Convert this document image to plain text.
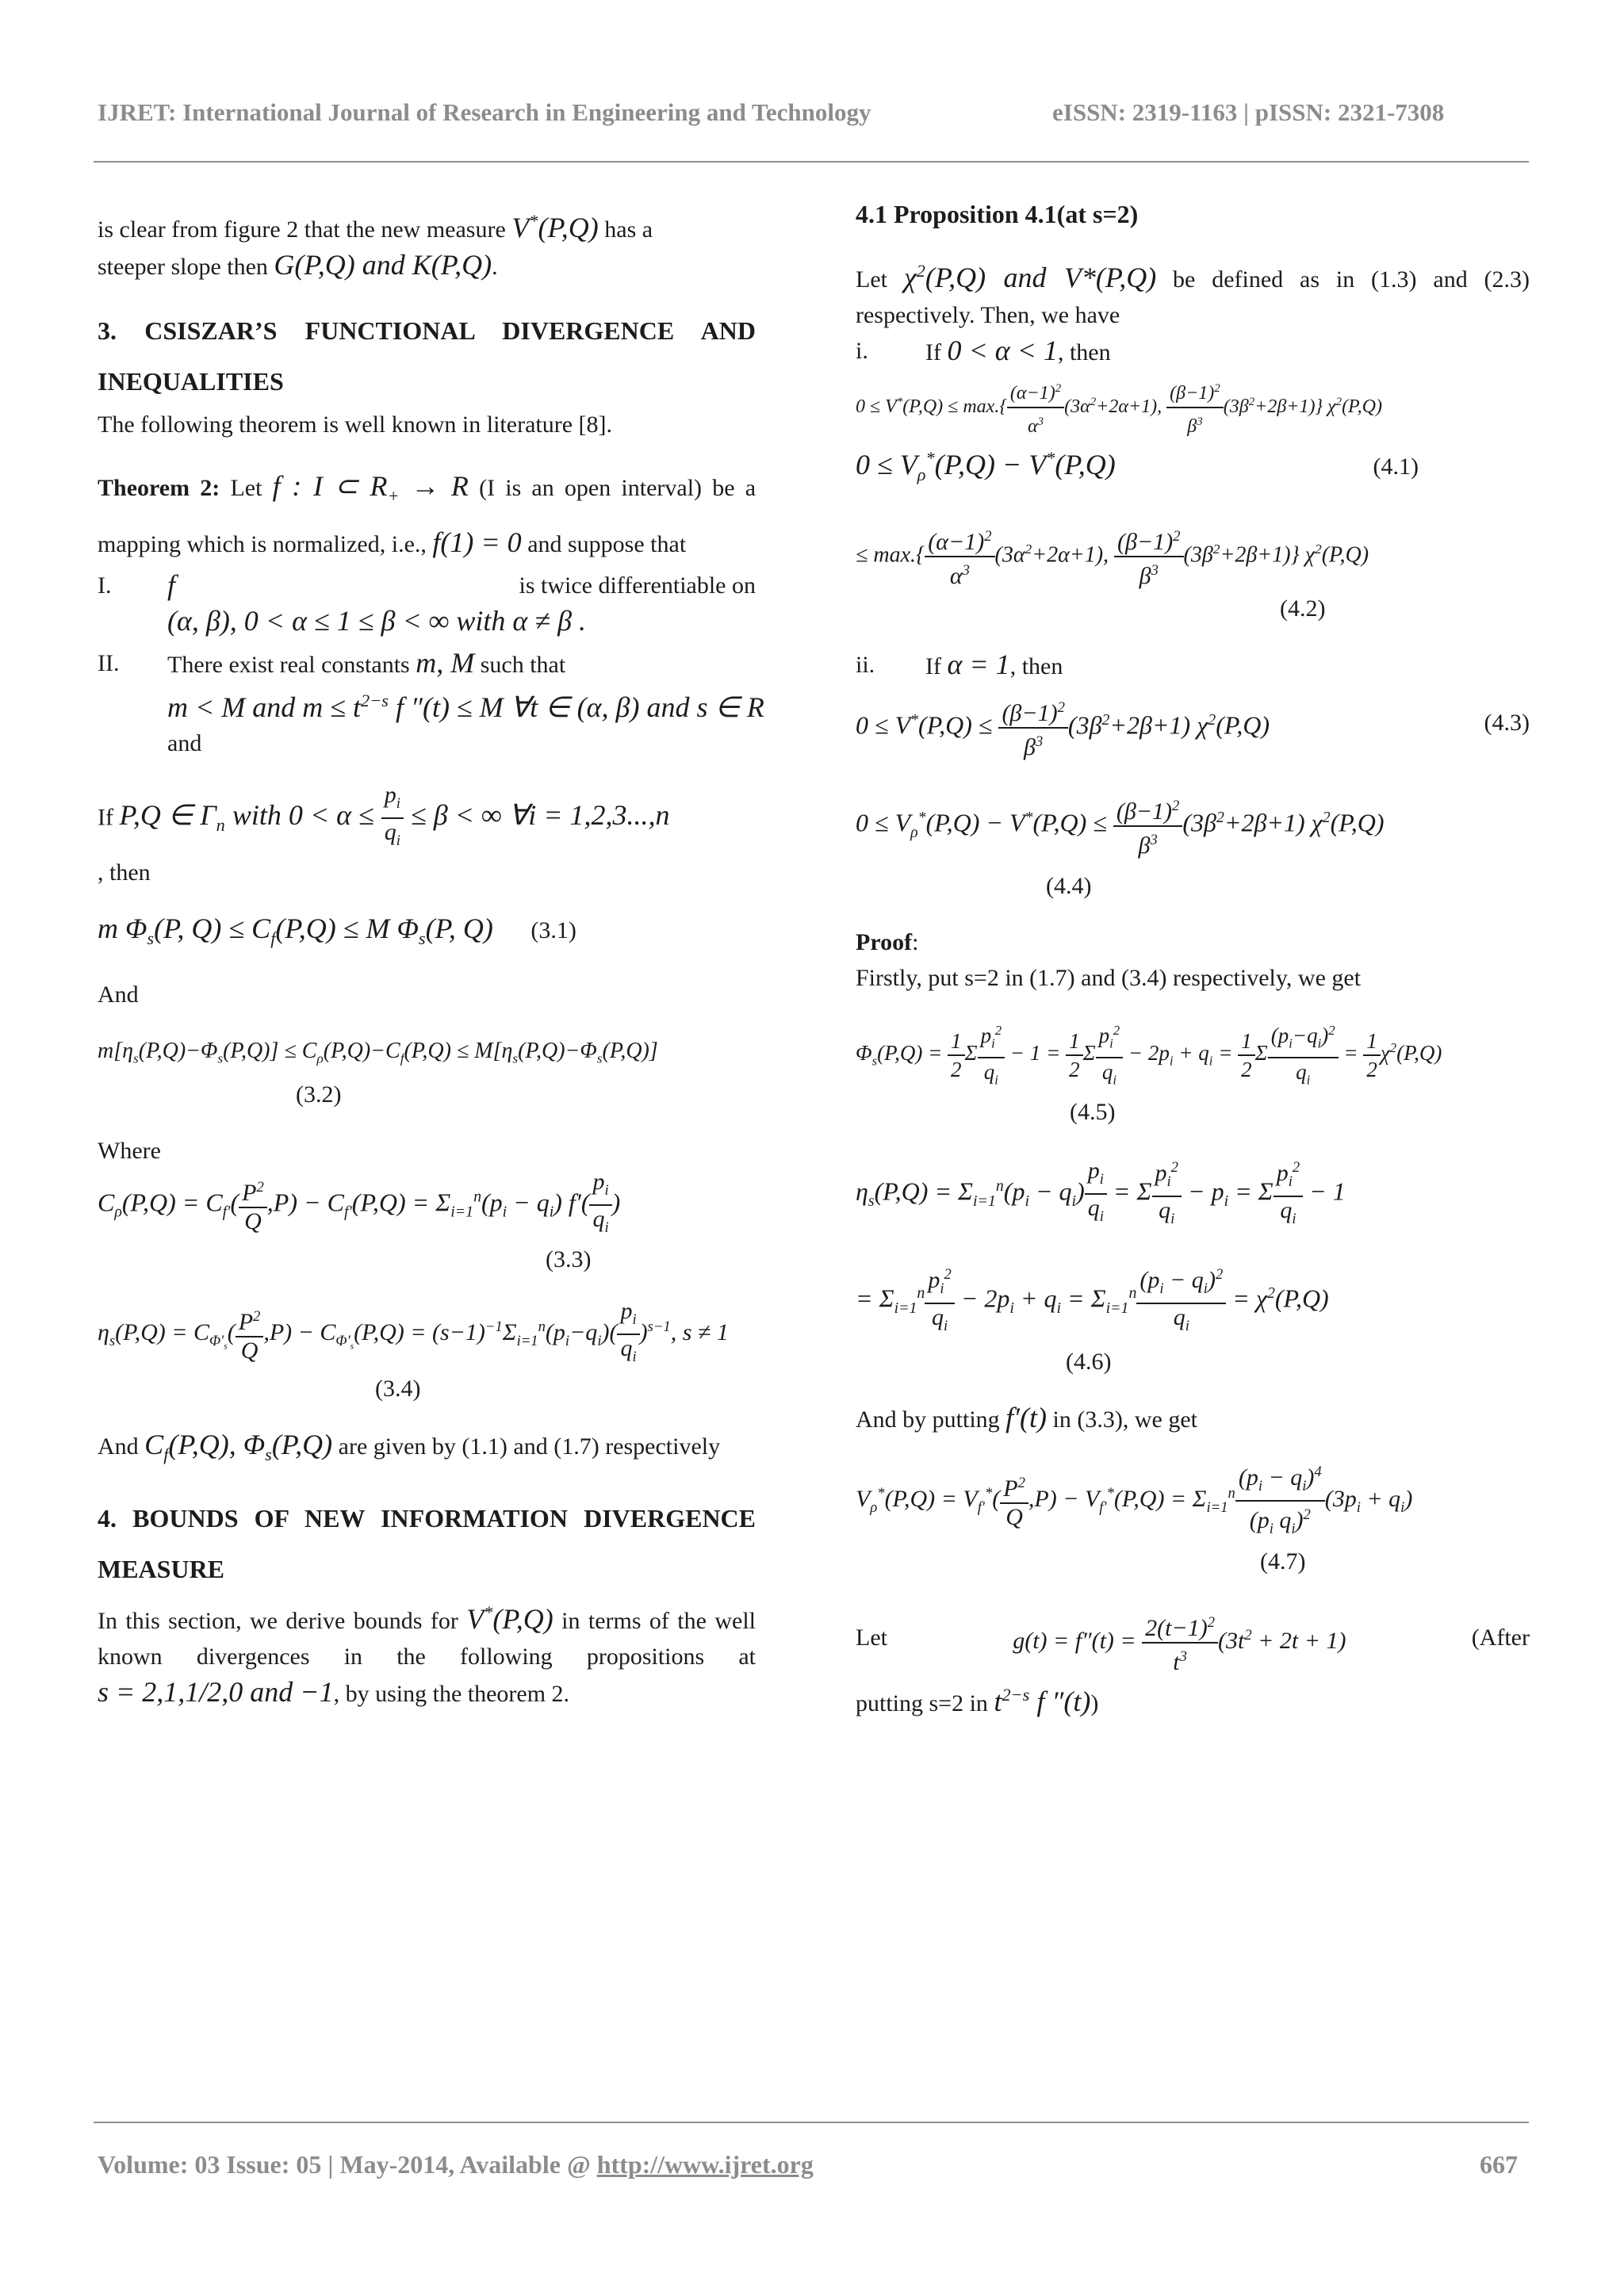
IJRET: International Journal of Research in Engineering and Technology	eISSN: 2319-1163 | pISSN: 2321-7308

is clear from figure 2 that the new measure V*(P,Q) has a
steeper slope then G(P,Q) and K(P,Q).

3. CSISZAR’S FUNCTIONAL DIVERGENCE AND INEQUALITIES

The following theorem is well known in literature [8].

Theorem 2: Let f : I ⊂ $R_+ \to R$ (I is an open interval) be a mapping which is normalized, i.e., f(1) = 0 and suppose that

I.	f	is twice differentiable on
(α, β), 0 < α ≤ 1 ≤ β < ∞ with α ≠ β .
II.	There exist real constants m, M such that
m < M and $m \le t^{2-s}$ f ″(t) ≤ M ∀t ∈ (α, β) and s ∈ R
and

If P,Q ∈ $\Gamma_n$ with $0 < \alpha \le \frac{p_i}{q_i} \le \beta$ < ∞ ∀i = 1,2,3...,n
, then

m $\Phi_s(P$, $Q) \le C_f(P,Q) \le M$ $\Phi_s(P$, Q) (3.1)

And

$m[\eta_s(P,Q)-\Phi_s(P,Q)] \le C_\rho(P,Q)-C_f(P,Q) \le M[\eta_s(P,Q)-\Phi_s(P,Q)]$
(3.2)

Where

$C_\rho(P,Q) = C_{f'}( \frac{P^2}{Q} ,P) - C_{f'}(P,Q) = \Sigma_{i=1}^n(p_i - q_i)$ $f'( \frac{p_i}{q_i}$ )
(3.3)
$\eta_s(P,Q) = C_{\Phi'_s}( \frac{P^2}{Q} ,P) - C_{\Phi'_s}(P,Q) = (s-1)^{-1}\Sigma_{i=1}^n(p_i-q_i)( \frac{p_i}{q_i} )^{s-1}$, s ≠ 1
(3.4)

And $C_f(P,Q)$, $\Phi_s(P,Q)$ are given by (1.1) and (1.7) respectively

4. BOUNDS OF NEW INFORMATION DIVERGENCE MEASURE

In this section, we derive bounds for V*(P,Q) in terms of the well known divergences in the following propositions at s = 2,1,1/2,0 and −1, by using the theorem 2.

4.1 Proposition 4.1(at s=2)

Let $\chi^2(P,Q)$ and V*(P,Q) be defined as in (1.3) and (2.3) respectively. Then, we have

i.	If 0 < α < 1, then
$0 \le V^*(P,Q) \le \max.\{ \frac{(\alpha-1)^2}{\alpha^3} (3\alpha^2+2\alpha+1)$, $\frac{(\beta-1)^2}{\beta^3} (3\beta^2+2\beta+1)$} $\chi^2(P,Q)$
$0 \le V_\rho^*(P,Q) - V^*(P,Q)$	(4.1)
≤ $\max.\{ \frac{(\alpha-1)^2}{\alpha^3} (3\alpha^2+2\alpha+1)$, $\frac{(\beta-1)^2}{\beta^3} (3\beta^2+2\beta+1)$} $\chi^2(P,Q)$
(4.2)
ii.	If α = 1, then
$0 \le V^*(P,Q) \le \frac{(\beta-1)^2}{\beta^3} (3\beta^2+2\beta+1)$ $\chi^2(P,Q)$	(4.3)
$0 \le V_\rho^*(P,Q) - V^*(P,Q) \le \frac{(\beta-1)^2}{\beta^3} (3\beta^2+2\beta+1)$ $\chi^2(P,Q)$
(4.4)

Proof:

Firstly, put s=2 in (1.7) and (3.4) respectively, we get

$\Phi_s(P,Q) = \frac{1}{2}$ Σ $\frac{p_i^2}{q_i} - 1 = \frac{1}{2}$ Σ $\frac{p_i^2}{q_i} - 2p_i + q_i = \frac{1}{2}$ Σ $\frac{(p_i-q_i)^2}{q_i} = \frac{1}{2} \chi^2(P,Q)$
(4.5)
$\eta_s(P,Q) = \Sigma_{i=1}^n(p_i - q_i) \frac{p_i}{q_i} = \Sigma \frac{p_i^2}{q_i} - p_i = \Sigma \frac{p_i^2}{q_i} - 1$
= $\Sigma_{i=1}^n \frac{p_i^2}{q_i} - 2p_i + q_i = \Sigma_{i=1}^n \frac{(p_i - q_i)^2}{q_i} = \chi^2(P,Q)$
(4.6)

And by putting f′(t) in (3.3), we get

$V_\rho^*(P,Q) = V_{f'}^*( \frac{P^2}{Q} ,P) - V_{f'}^*(P,Q) = \Sigma_{i=1}^n \frac{(p_i - q_i)^4}{(p_i q_i)^2} (3p_i + q_i)$
(4.7)
Let	$g(t) = f''(t) = \frac{2(t-1)^2}{t^3} (3t^2 + 2t + 1)$	(After

putting s=2 in $t^{2-s}$ f ″(t))

Volume: 03 Issue: 05 | May-2014, Available @ http://www.ijret.org	667
